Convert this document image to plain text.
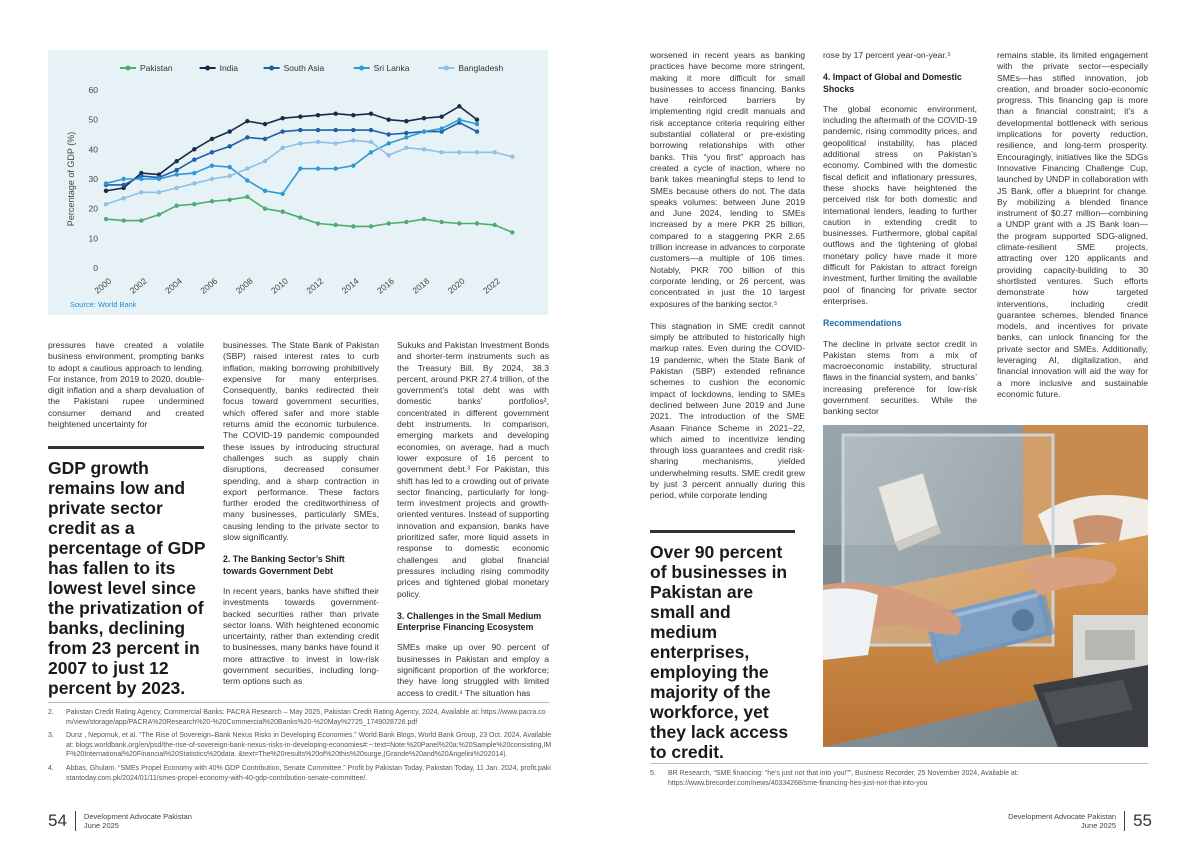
Percentage of GDP (%)
0
10
20
30
40
50
60
2000 2002 2004 2006 2008 2010 2012 2014 2016 2018 2020 2022
Pakistan	India	South Asia	Sri Lanka	Bangladesh
Source: World Bank

pressures have created a volatile business environment, prompting banks to adopt a cautious approach to lending. For instance, from 2019 to 2020, double-digit inflation and a sharp devaluation of the Pakistani rupee undermined consumer demand and created heightened uncertainty for

GDP growth remains low and private sector credit as a percentage of GDP has fallen to its lowest level since the privatization of banks, declining from 23 percent in 2007 to just 12 percent by 2023.

businesses. The State Bank of Pakistan (SBP) raised interest rates to curb inflation, making borrowing prohibitively expensive for many enterprises. Consequently, banks redirected their focus toward government securities, which offered safer and more stable returns amid the economic turbulence. The COVID-19 pandemic compounded these issues by introducing structural challenges such as supply chain disruptions, decreased consumer spending, and a sharp contraction in export performance. These factors further eroded the creditworthiness of many businesses, particularly SMEs, causing lending to the private sector to slow significantly.

2. The Banking Sector’s Shift towards Government Debt

In recent years, banks have shifted their investments towards government-backed securities rather than private sector loans. With heightened economic uncertainty, rather than extending credit to businesses, many banks have found it more attractive to invest in low-risk government securities, including long-term options such as

Sukuks and Pakistan Investment Bonds and shorter-term instruments such as the Treasury Bill. By 2024, 38.3 percent, around PKR 27.4 trillion, of the government’s total debt was with domestic banks’ portfolios², concentrated in different government debt instruments. In comparison, emerging markets and developing economies, on average, had a much lower exposure of 16 percent to government debt.³ For Pakistan, this shift has led to a crowding out of private sector financing, particularly for long-term investment projects and growth-oriented ventures. Instead of supporting innovation and expansion, banks have prioritized safer, more liquid assets in response to domestic economic challenges and global financial pressures including rising commodity prices and tightened global monetary policy.

3. Challenges in the Small Medium Enterprise Financing Ecosystem

SMEs make up over 90 percent of businesses in Pakistan and employ a significant proportion of the workforce; they have long struggled with limited access to credit.⁴ The situation has

2.	Pakistan Credit Rating Agency, Commercial Banks: PACRA Research – May 2025, Pakistan Credit Rating Agency, 2024, Available at: https://www.pacra.com/view/storage/app/PACRA%20Research%20-%20Commercial%20Banks%20-%20May%2725_1749028726.pdf
3.	Dunz , Nepomuk, et al. “The Rise of Sovereign–Bank Nexus Risks in Developing Economies.” World Bank Blogs, World Bank Group, 23 Oct. 2024, Available at: blogs.worldbank.org/en/psd/the-rise-of-sovereign-bank-nexus-risks-in-developing-economies#:~:text=Note:%20Panel%20a:%20Sample%20consisting,IMF%20International%20Financial%20Statistics%20data. &text=The%20results%20of%20this%20surge,(Grande%20and%20Angelini%202014).
4.	Abbas, Ghulam. “SMEs Propel Economy with 40% GDP Contribution, Senate Committee.” Profit by Pakistan Today, Pakistan Today, 11 Jan. 2024, profit.pakistantoday.com.pk/2024/01/11/smes-propel-economy-with-40-gdp-contribution-senate-committee/.
54 Development Advocate Pakistan
June 2025

worsened in recent years as banking practices have become more stringent, making it more difficult for small businesses to access financing. Banks have reinforced barriers by implementing rigid credit manuals and risk acceptance criteria requiring either substantial collateral or pre-existing borrowing relationships with other banks. This “you first” approach has created a cycle of inaction, where no bank takes meaningful steps to lend to SMEs because others do not. The data speaks volumes: between June 2019 and June 2024, lending to SMEs increased by a mere PKR 25 billion, compared to a staggering PKR 2.65 trillion increase in advances to corporate customers—a multiple of 106 times. Notably, PKR 700 billion of this corporate lending, or 26 percent, was concentrated in just the 10 largest exposures of the banking sector.⁵

This stagnation in SME credit cannot simply be attributed to historically high markup rates. Even during the COVID-19 pandemic, when the State Bank of Pakistan (SBP) extended refinance schemes to cushion the economic impact of lockdowns, lending to SMEs declined between June 2019 and June 2021. The introduction of the SME Asaan Finance Scheme in 2021–22, which aimed to incentivize lending through loss guarantees and credit risk-sharing mechanisms, yielded underwhelming results. SME credit grew by just 3 percent annually during this period, while corporate lending

Over 90 percent of businesses in Pakistan are small and medium enterprises, employing the majority of the workforce, yet they lack access to credit.

rose by 17 percent year-on-year.⁵

4. Impact of Global and Domestic Shocks

The global economic environment, including the aftermath of the COVID-19 pandemic, rising commodity prices, and geopolitical instability, has placed additional stress on Pakistan’s economy. Combined with the domestic fiscal deficit and inflationary pressures, these shocks have heightened the perceived risk for both domestic and international lenders, leading to further caution in extending credit to businesses. Furthermore, global capital outflows and the tightening of global monetary policy have made it more difficult for Pakistan to attract foreign investment, further limiting the available pool of financing for private sector enterprises.

Recommendations

The decline in private sector credit in Pakistan stems from a mix of macroeconomic instability, structural flaws in the financial system, and banks’ increasing preference for low-risk government securities. While the banking sector

remains stable, its limited engagement with the private sector—especially SMEs—has stifled innovation, job creation, and broader socio-economic progress. This financing gap is more than a financial constraint; it’s a developmental bottleneck with serious implications for poverty reduction, resilience, and long-term prosperity. Encouragingly, initiatives like the SDGs Innovative Financing Challenge Cup, launched by UNDP in collaboration with JS Bank, offer a blueprint for change. By mobilizing a blended finance instrument of $0.27 million—combining a UNDP grant with a JS Bank loan—the program supported SDG-aligned, climate-resilient SME projects, attracting over 120 applicants and providing capacity-building to 30 shortlisted ventures. Such efforts demonstrate how targeted interventions, including credit guarantee schemes, blended finance models, and incentives for private banks, can unlock financing for the private sector and SMEs. Additionally, leveraging AI, digitalization, and financial innovation will aid the way for a more inclusive and sustainable economic future.

5.	BR Research, “SME financing: “he’s just not that into you!””, Business Recorder, 25 November 2024, Available at: https://www.brecorder.com/news/40334268/sme-financing-hes-just-not-that-into-you
Development Advocate Pakistan
June 2025 55
